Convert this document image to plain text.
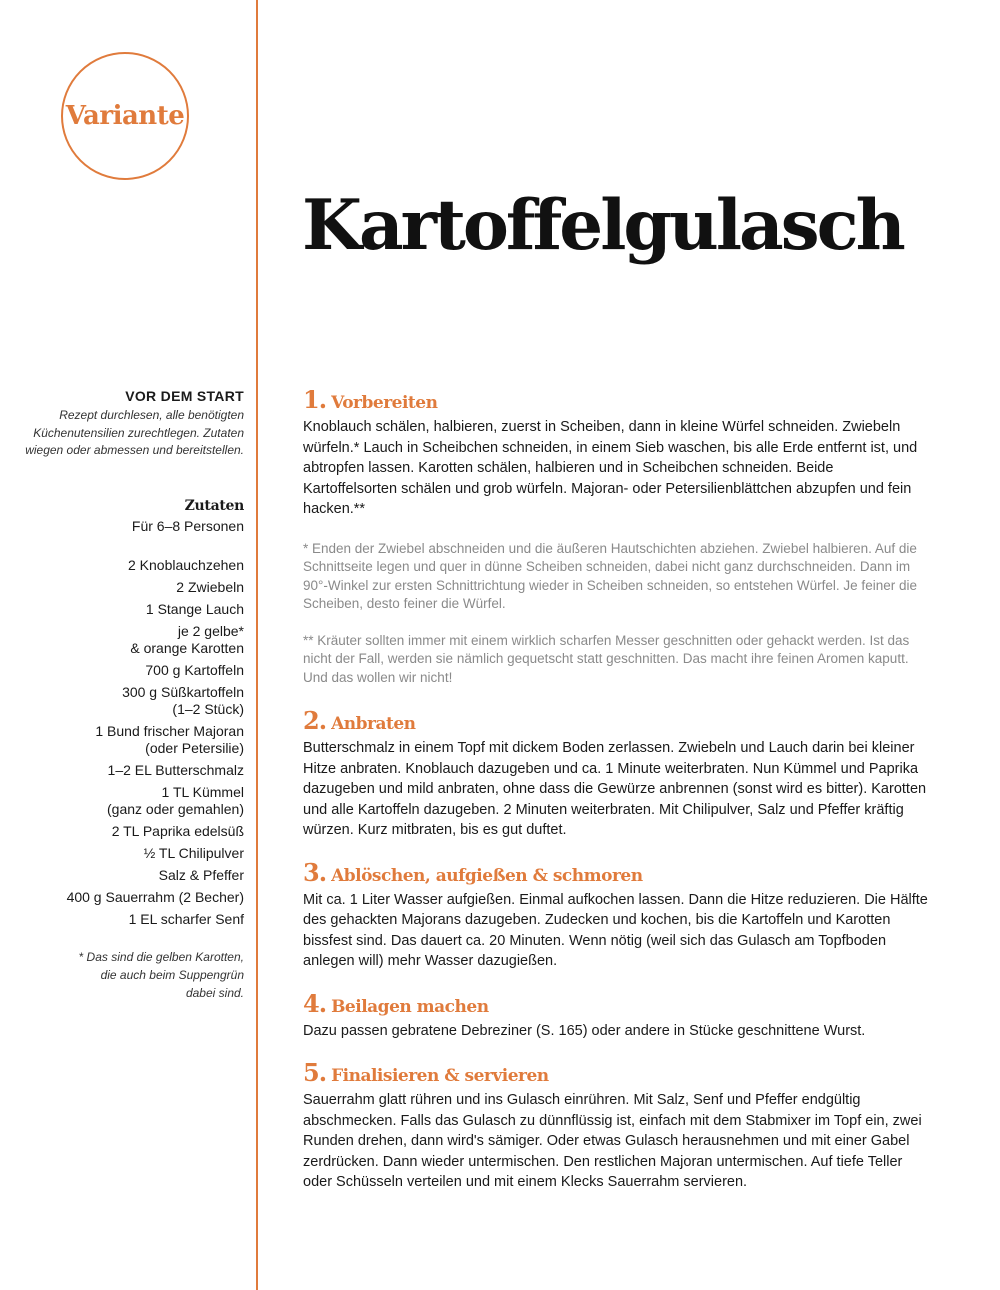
Variante
Kartoffelgulasch
VOR DEM START
Rezept durchlesen, alle benötigten Küchenutensilien zurechtlegen. Zutaten wiegen oder abmessen und bereitstellen.
Zutaten
Für 6–8 Personen
2 Knoblauchzehen
2 Zwiebeln
1 Stange Lauch
je 2 gelbe*
& orange Karotten
700 g Kartoffeln
300 g Süßkartoffeln
(1–2 Stück)
1 Bund frischer Majoran
(oder Petersilie)
1–2 EL Butterschmalz
1 TL Kümmel
(ganz oder gemahlen)
2 TL Paprika edelsüß
½ TL Chilipulver
Salz & Pfeffer
400 g Sauerrahm (2 Becher)
1 EL scharfer Senf
* Das sind die gelben Karotten,
die auch beim Suppengrün
dabei sind.
1. Vorbereiten

Knoblauch schälen, halbieren, zuerst in Scheiben, dann in kleine Würfel schneiden. Zwiebeln würfeln.* Lauch in Scheibchen schneiden, in einem Sieb waschen, bis alle Erde entfernt ist, und abtropfen lassen. Karotten schälen, halbieren und in Scheibchen schneiden. Beide Kartoffelsorten schälen und grob würfeln. Majoran- oder Petersilienblättchen abzupfen und fein hacken.**

* Enden der Zwiebel abschneiden und die äußeren Hautschichten abziehen. Zwiebel halbieren. Auf die Schnittseite legen und quer in dünne Scheiben schneiden, dabei nicht ganz durchschneiden. Dann im 90°-Winkel zur ersten Schnittrichtung wieder in Scheiben schneiden, so entstehen Würfel. Je feiner die Scheiben, desto feiner die Würfel.

** Kräuter sollten immer mit einem wirklich scharfen Messer geschnitten oder gehackt werden. Ist das nicht der Fall, werden sie nämlich gequetscht statt geschnitten. Das macht ihre feinen Aromen kaputt. Und das wollen wir nicht!

2. Anbraten

Butterschmalz in einem Topf mit dickem Boden zerlassen. Zwiebeln und Lauch darin bei kleiner Hitze anbraten. Knoblauch dazugeben und ca. 1 Minute weiterbraten. Nun Kümmel und Paprika dazugeben und mild anbraten, ohne dass die Gewürze anbrennen (sonst wird es bitter). Karotten und alle Kartoffeln dazugeben. 2 Minuten weiterbraten. Mit Chilipulver, Salz und Pfeffer kräftig würzen. Kurz mitbraten, bis es gut duftet.

3. Ablöschen, aufgießen & schmoren

Mit ca. 1 Liter Wasser aufgießen. Einmal aufkochen lassen. Dann die Hitze reduzieren. Die Hälfte des gehackten Majorans dazugeben. Zudecken und kochen, bis die Kartoffeln und Karotten bissfest sind. Das dauert ca. 20 Minuten. Wenn nötig (weil sich das Gulasch am Topfboden anlegen will) mehr Wasser dazugießen.

4. Beilagen machen

Dazu passen gebratene Debreziner (S. 165) oder andere in Stücke geschnittene Wurst.

5. Finalisieren & servieren

Sauerrahm glatt rühren und ins Gulasch einrühren. Mit Salz, Senf und Pfeffer endgültig abschmecken. Falls das Gulasch zu dünnflüssig ist, einfach mit dem Stabmixer im Topf ein, zwei Runden drehen, dann wird's sämiger. Oder etwas Gulasch herausnehmen und mit einer Gabel zerdrücken. Dann wieder untermischen. Den restlichen Majoran untermischen. Auf tiefe Teller oder Schüsseln verteilen und mit einem Klecks Sauerrahm servieren.
